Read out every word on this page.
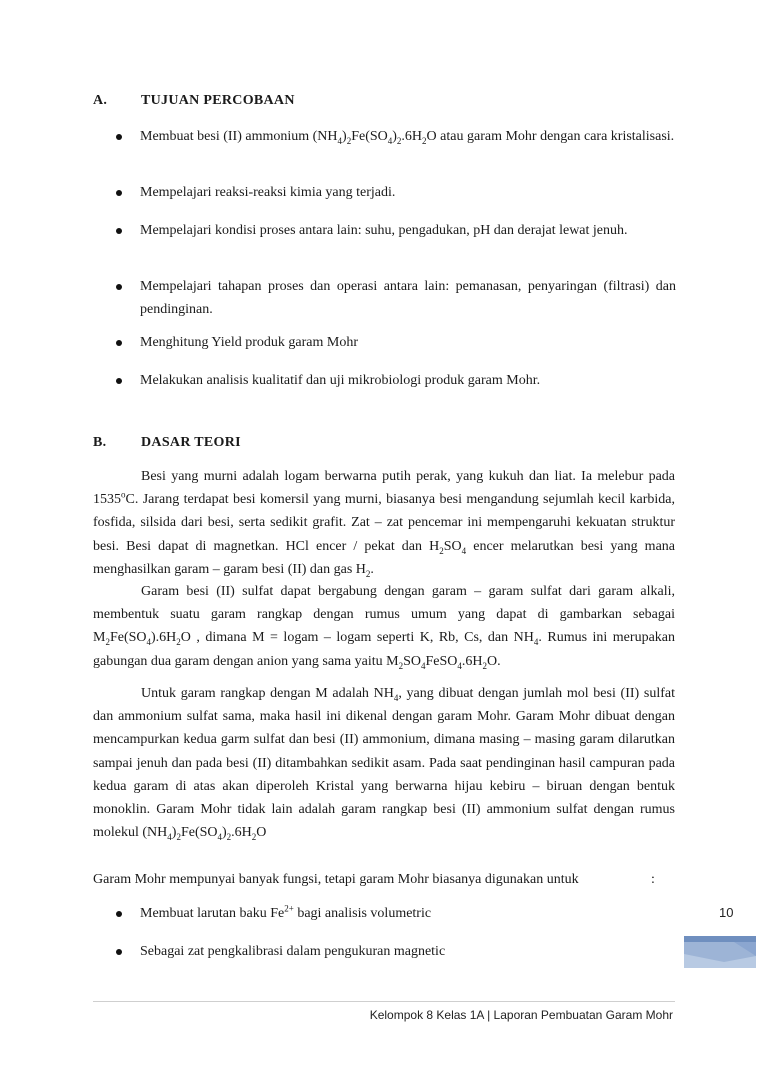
A. TUJUAN PERCOBAAN
Membuat besi (II) ammonium $(NH_4)_2Fe(SO_4)_2.6H_2O$ atau garam Mohr dengan cara kristalisasi.
Mempelajari reaksi-reaksi kimia yang terjadi.
Mempelajari kondisi proses antara lain: suhu, pengadukan, pH dan derajat lewat jenuh.
Mempelajari tahapan proses dan operasi antara lain: pemanasan, penyaringan (filtrasi) dan pendinginan.
Menghitung Yield produk garam Mohr
Melakukan analisis kualitatif dan uji mikrobiologi produk garam Mohr.
B. DASAR TEORI
Besi yang murni adalah logam berwarna putih perak, yang kukuh dan liat. Ia melebur pada 1535$^o$C. Jarang terdapat besi komersil yang murni, biasanya besi mengandung sejumlah kecil karbida, fosfida, silsida dari besi, serta sedikit grafit. Zat – zat pencemar ini mempengaruhi kekuatan struktur besi. Besi dapat di magnetkan. HCl encer / pekat dan $H_2SO_4$ encer melarutkan besi yang mana menghasilkan garam – garam besi (II) dan gas $H_2$.
Garam besi (II) sulfat dapat bergabung dengan garam – garam sulfat dari garam alkali, membentuk suatu garam rangkap dengan rumus umum yang dapat di gambarkan sebagai $M_2Fe(SO_4).6H_2O$ , dimana M = logam – logam seperti K, Rb, Cs, dan $NH_4$. Rumus ini merupakan gabungan dua garam dengan anion yang sama yaitu $M_2SO_4FeSO_4.6H_2O$.
Untuk garam rangkap dengan M adalah $NH_4$, yang dibuat dengan jumlah mol besi (II) sulfat dan ammonium sulfat sama, maka hasil ini dikenal dengan garam Mohr. Garam Mohr dibuat dengan mencampurkan kedua garm sulfat dan besi (II) ammonium, dimana masing – masing garam dilarutkan sampai jenuh dan pada besi (II) ditambahkan sedikit asam. Pada saat pendinginan hasil campuran pada kedua garam di atas akan diperoleh Kristal yang berwarna hijau kebiru – biruan dengan bentuk monoklin. Garam Mohr tidak lain adalah garam rangkap besi (II) ammonium sulfat dengan rumus molekul $(NH_4)_2Fe(SO_4)_2.6H_2O$
Garam Mohr mempunyai banyak fungsi, tetapi garam Mohr biasanya digunakan untuk	:
Membuat larutan baku $Fe^{2+}$ bagi analisis volumetric
Sebagai zat pengkalibrasi dalam pengukuran magnetic
10
Kelompok 8 Kelas 1A | Laporan Pembuatan Garam Mohr
